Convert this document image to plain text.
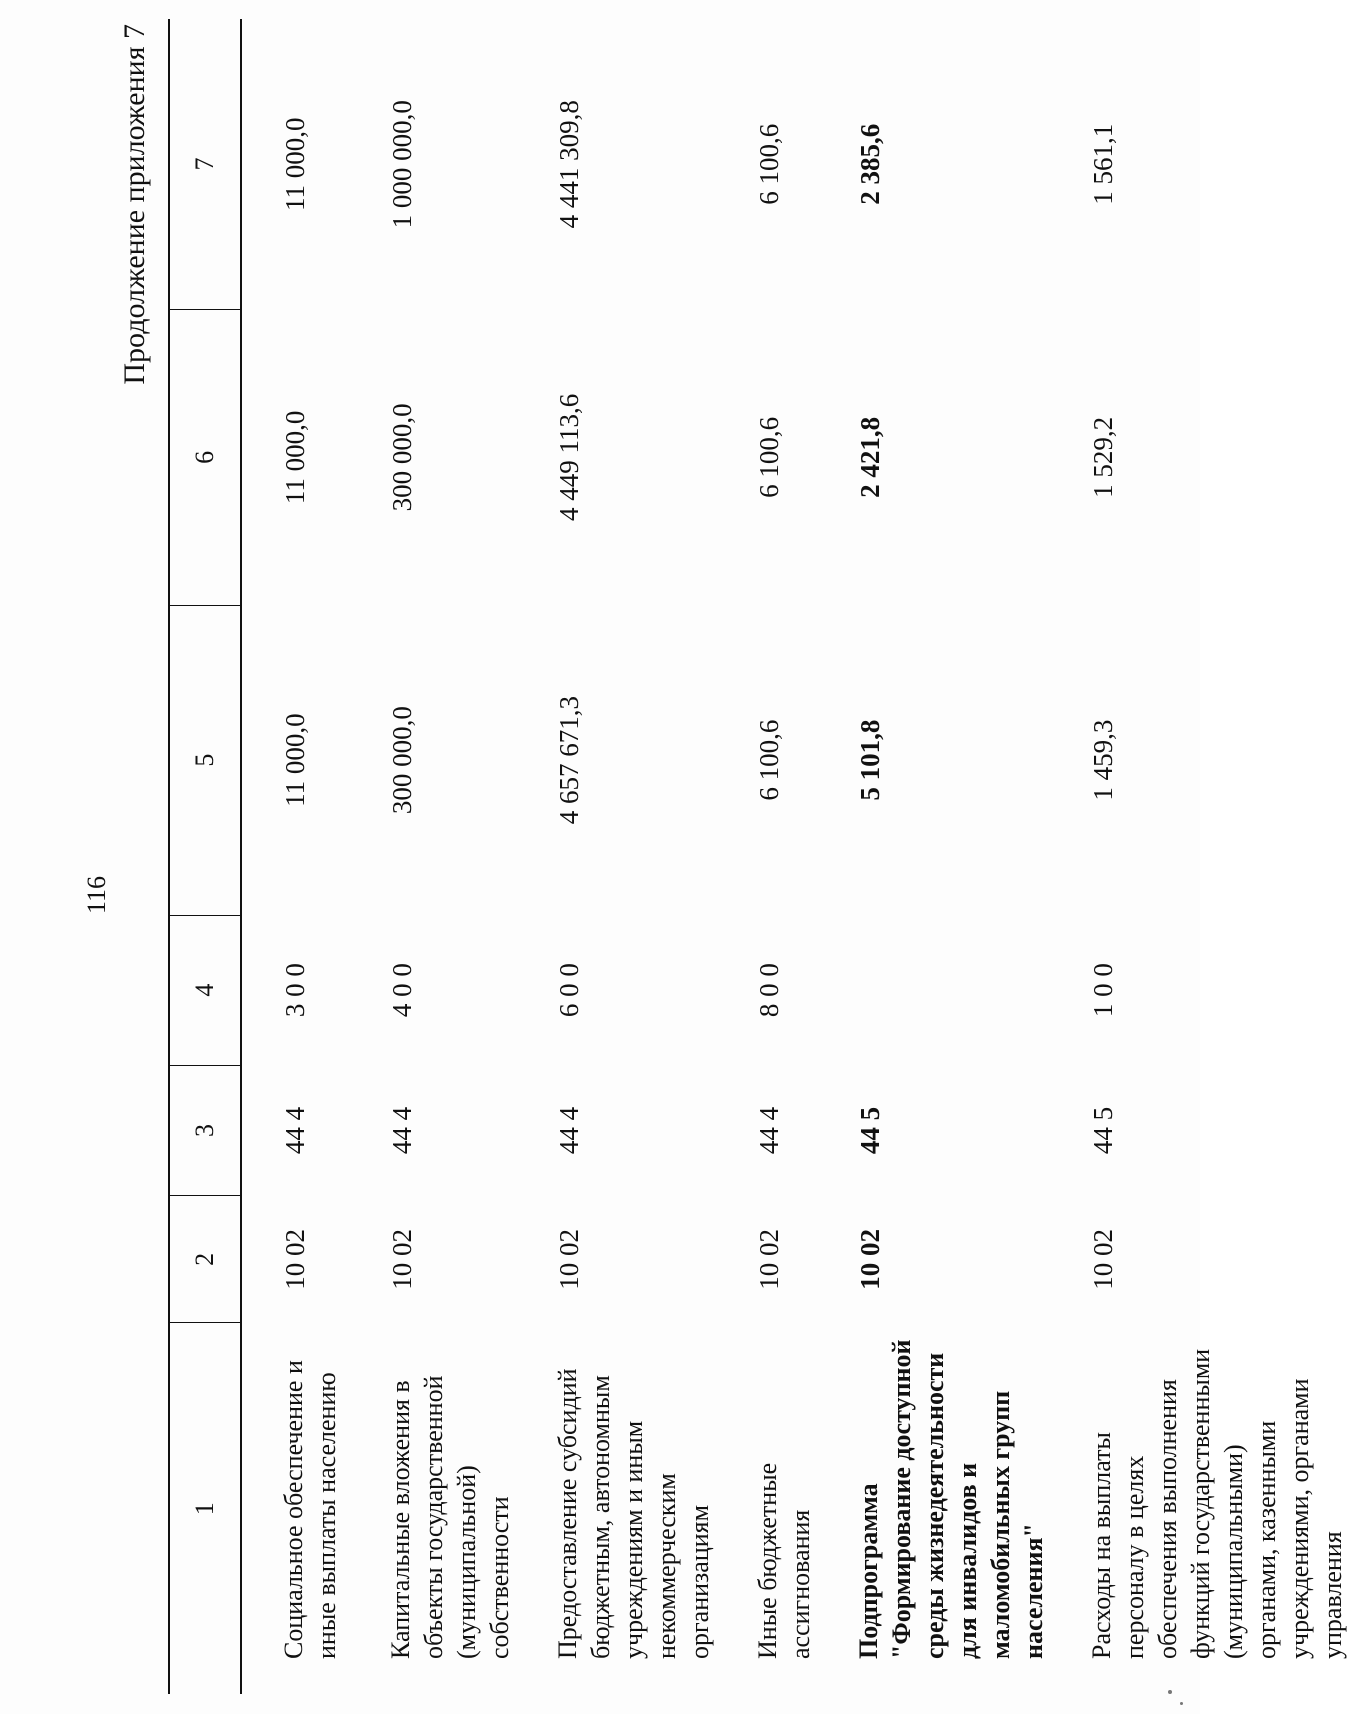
116
Продолжение приложения 7
1	2	3	4	5	6	7
Социальное обеспечение и иные выплаты населению	10 02	44 4	3 0 0	11 000,0	11 000,0	11 000,0
Капитальные вложения в объекты государственной (муниципальной) собственности	10 02	44 4	4 0 0	300 000,0	300 000,0	1 000 000,0
Предоставление субсидий бюджетным, автономным учреждениям и иным некоммерческим организациям	10 02	44 4	6 0 0	4 657 671,3	4 449 113,6	4 441 309,8
Иные бюджетные ассигнования	10 02	44 4	8 0 0	6 100,6	6 100,6	6 100,6
Подпрограмма "Формирование доступной среды жизнедеятельности для инвалидов и маломобильных групп населения"	10 02	44 5		5 101,8	2 421,8	2 385,6
Расходы на выплаты персоналу в целях обеспечения выполнения функций государственными (муниципальными) органами, казенными учреждениями, органами управления	10 02	44 5	1 0 0	1 459,3	1 529,2	1 561,1
